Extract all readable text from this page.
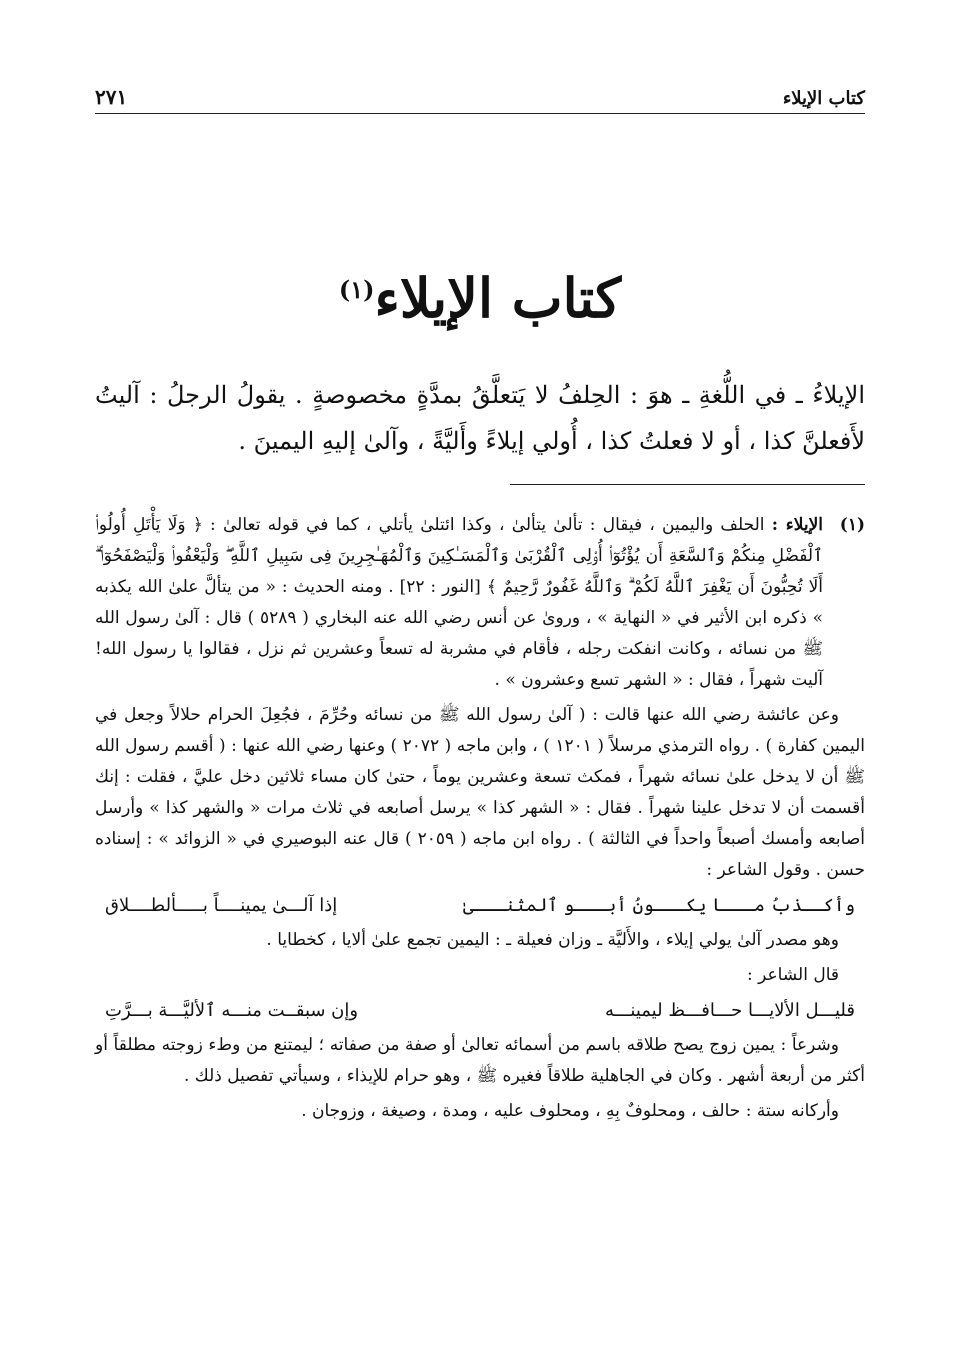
كتاب الإيلاء
٢٧١
كتاب الإيلاء$^{(١)}$
الإيلاءُ ـ في اللُّغةِ ـ هوَ : الحِلفُ لا يَتعلَّقُ بمدَّةٍ مخصوصةٍ . يقولُ الرجلُ : آليتُ لأَفعلنَّ كذا ، أو لا فعلتُ كذا ، أُولي إيلاءً وأَليَّةً ، وآلىٰ إليهِ اليمينَ .
(١)
الإيلاء : الحلف واليمين ، فيقال : تألىٰ يتألىٰ ، وكذا ائتلىٰ يأتلي ، كما في قوله تعالىٰ : ﴿ وَلَا يَأْتَلِ أُولُوا۟ ٱلْفَضْلِ مِنكُمْ وَٱلسَّعَةِ أَن يُؤْتُوٓا۟ أُو۟لِى ٱلْقُرْبَىٰ وَٱلْمَسَـٰكِينَ وَٱلْمُهَـٰجِرِينَ فِى سَبِيلِ ٱللَّهِ ۖ وَلْيَعْفُوا۟ وَلْيَصْفَحُوٓا۟ ۗ أَلَا تُحِبُّونَ أَن يَغْفِرَ ٱللَّهُ لَكُمْ ۗ وَٱللَّهُ غَفُورٌ رَّحِيمٌ ﴾ [النور : ٢٢] . ومنه الحديث : « من يتألَّ علىٰ الله يكذبه » ذكره ابن الأثير في « النهاية » ، وروىٰ عن أنس رضي الله عنه البخاري ( ٥٢٨٩ ) قال : آلىٰ رسول الله ﷺ من نسائه ، وكانت انفكت رجله ، فأقام في مشربة له تسعاً وعشرين ثم نزل ، فقالوا يا رسول الله! آليت شهراً ، فقال : « الشهر تسع وعشرون » .

وعن عائشة رضي الله عنها قالت : ( آلىٰ رسول الله ﷺ من نسائه وحُرِّمَ ، فجُعِلَ الحرام حلالاً وجعل في اليمين كفارة ) . رواه الترمذي مرسلاً ( ١٢٠١ ) ، وابن ماجه ( ٢٠٧٢ ) وعنها رضي الله عنها : ( أقسم رسول الله ﷺ أن لا يدخل علىٰ نسائه شهراً ، فمكث تسعة وعشرين يوماً ، حتىٰ كان مساء ثلاثين دخل عليَّ ، فقلت : إنك أقسمت أن لا تدخل علينا شهراً . فقال : « الشهر كذا » يرسل أصابعه في ثلاث مرات « والشهر كذا » وأرسل أصابعه وأمسك أصبعاً واحداً في الثالثة ) . رواه ابن ماجه ( ٢٠٥٩ ) قال عنه البوصيري في « الزوائد » : إسناده حسن . وقول الشاعر :

وأكــذبُ مـــا يكـــونُ أبـــو ٱلمثنـــىٰ
إذا آلـــىٰ يمينــــاً بـــــألطــــلاق

وهو مصدر آلىٰ يولي إيلاء ، والأَليَّة ـ وزان فعيلة ـ : اليمين تجمع علىٰ ألايا ، كخطايا .

قال الشاعر :

قليـــل الألايـــا حـــافـــظ ليمينـــه
وإن سبقــت منـــه ٱلأليَّـــة بـــرَّتِ

وشرعاً : يمين زوج يصح طلاقه باسم من أسمائه تعالىٰ أو صفة من صفاته ؛ ليمتنع من وطء زوجته مطلقاً أو أكثر من أربعة أشهر . وكان في الجاهلية طلاقاً فغيره ﷺ ، وهو حرام للإيذاء ، وسيأتي تفصيل ذلك .

وأركانه ستة : حالف ، ومحلوفٌ بِهِ ، ومحلوف عليه ، ومدة ، وصيغة ، وزوجان .
